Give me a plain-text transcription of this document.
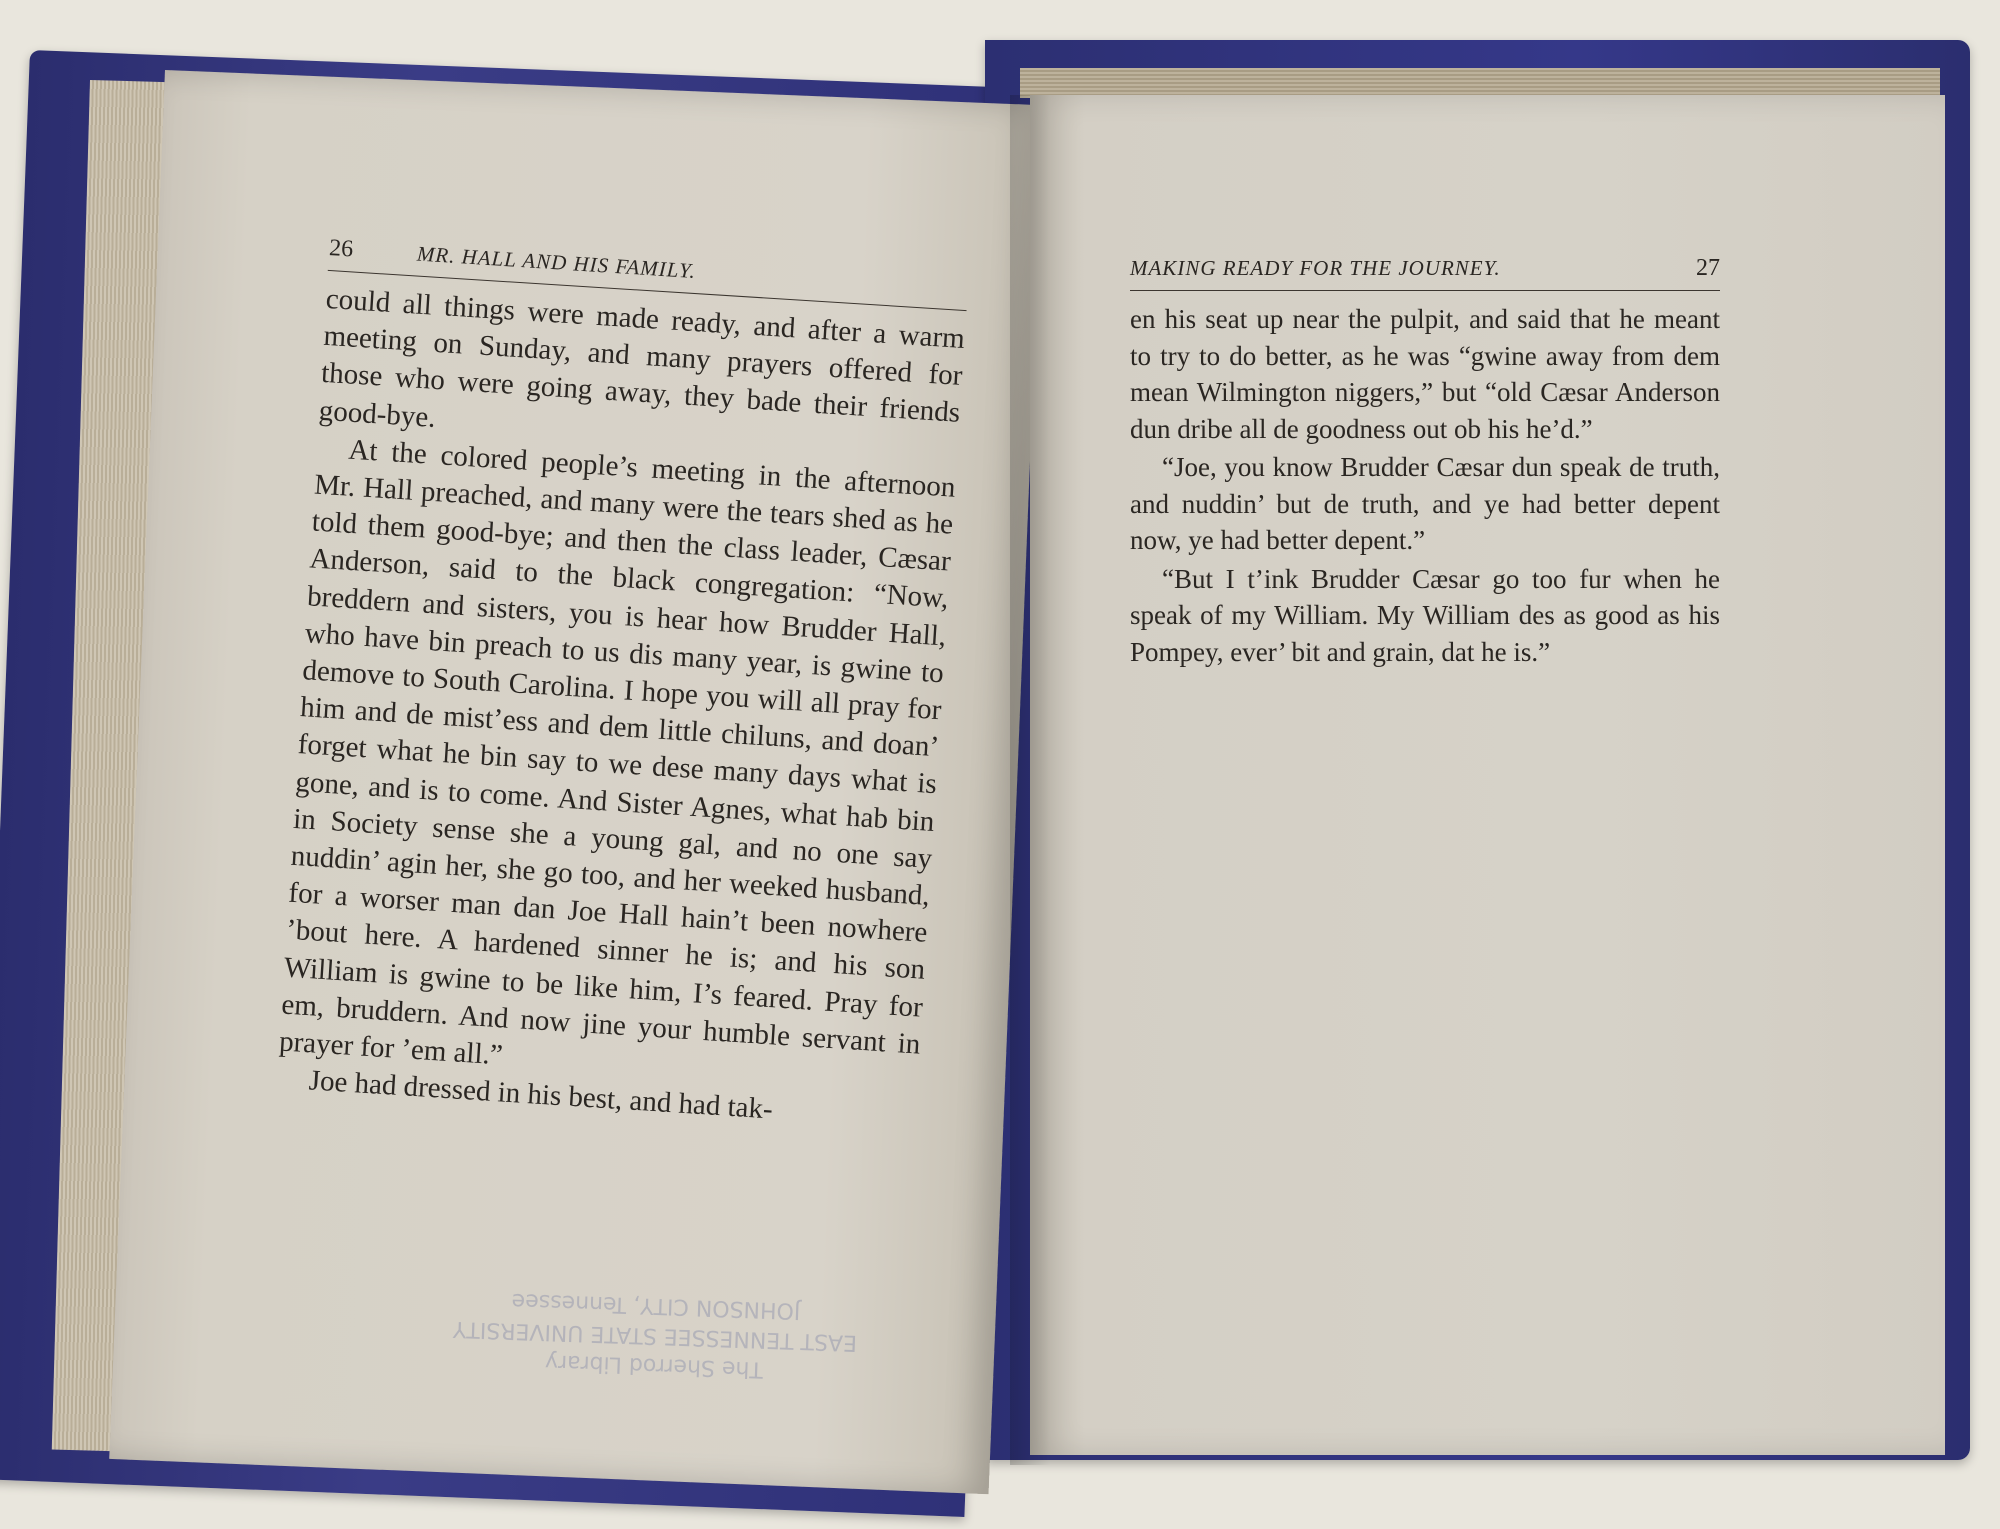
26	MR. HALL AND HIS FAMILY.

could all things were made ready, and after a warm meeting on Sunday, and many prayers offered for those who were going away, they bade their friends good-bye.

At the colored people’s meeting in the afternoon Mr. Hall preached, and many were the tears shed as he told them good-bye; and then the class leader, Cæsar Anderson, said to the black congregation: “Now, breddern and sisters, you is hear how Brudder Hall, who have bin preach to us dis many year, is gwine to demove to South Carolina. I hope you will all pray for him and de mist’ess and dem little chiluns, and doan’ forget what he bin say to we dese many days what is gone, and is to come. And Sister Agnes, what hab bin in Society sense she a young gal, and no one say nuddin’ agin her, she go too, and her weeked husband, for a worser man dan Joe Hall hain’t been nowhere ’bout here. A hardened sinner he is; and his son William is gwine to be like him, I’s feared. Pray for em, bruddern. And now jine your humble servant in prayer for ’em all.”

Joe had dressed in his best, and had tak-

The Sherrod Library
EAST TENNESSEE STATE UNIVERSITY
JOHNSON CITY, Tennessee
MAKING READY FOR THE JOURNEY.	27

en his seat up near the pulpit, and said that he meant to try to do better, as he was “gwine away from dem mean Wilmington niggers,” but “old Cæsar Anderson dun dribe all de goodness out ob his he’d.”

“Joe, you know Brudder Cæsar dun speak de truth, and nuddin’ but de truth, and ye had better depent now, ye had better depent.”

“But I t’ink Brudder Cæsar go too fur when he speak of my William. My William des as good as his Pompey, ever’ bit and grain, dat he is.”
